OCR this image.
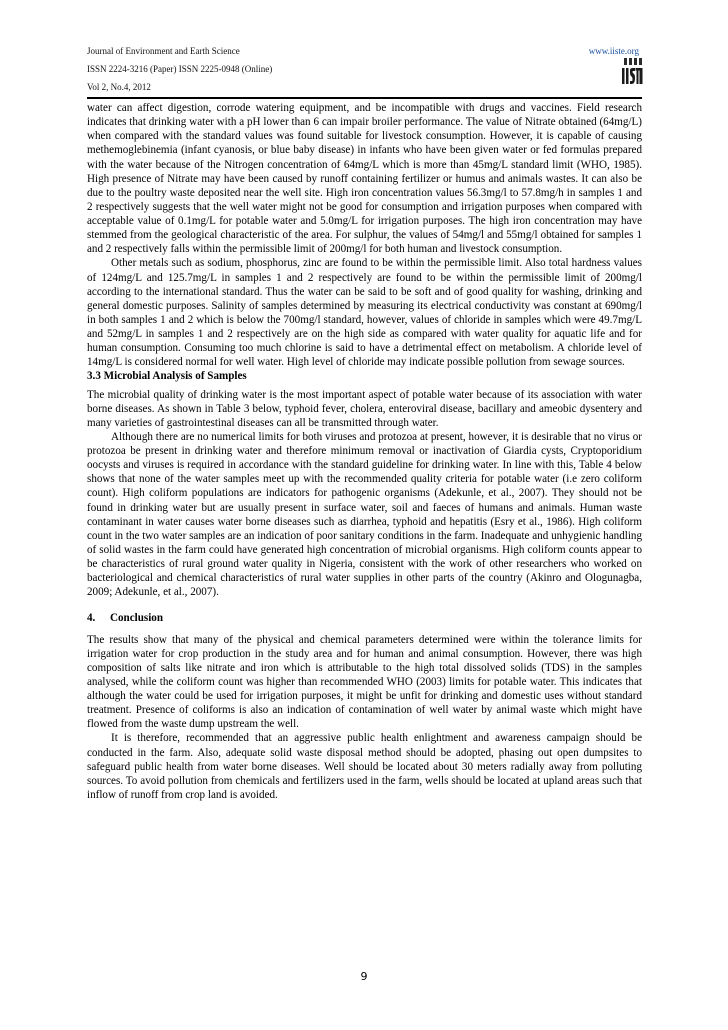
Journal of Environment and Earth Science
ISSN 2224-3216 (Paper) ISSN 2225-0948 (Online)
Vol 2, No.4, 2012
www.iiste.org

water can affect digestion, corrode watering equipment, and be incompatible with drugs and vaccines. Field research indicates that drinking water with a pH lower than 6 can impair broiler performance. The value of Nitrate obtained (64mg/L) when compared with the standard values was found suitable for livestock consumption. However, it is capable of causing methemoglebinemia (infant cyanosis, or blue baby disease) in infants who have been given water or fed formulas prepared with the water because of the Nitrogen concentration of 64mg/L which is more than 45mg/L standard limit (WHO, 1985). High presence of Nitrate may have been caused by runoff containing fertilizer or humus and animals wastes. It can also be due to the poultry waste deposited near the well site. High iron concentration values 56.3mg/l to 57.8mg/h in samples 1 and 2 respectively suggests that the well water might not be good for consumption and irrigation purposes when compared with acceptable value of 0.1mg/L for potable water and 5.0mg/L for irrigation purposes. The high iron concentration may have stemmed from the geological characteristic of the area. For sulphur, the values of 54mg/l and 55mg/l obtained for samples 1 and 2 respectively falls within the permissible limit of 200mg/l for both human and livestock consumption.

Other metals such as sodium, phosphorus, zinc are found to be within the permissible limit. Also total hardness values of 124mg/L and 125.7mg/L in samples 1 and 2 respectively are found to be within the permissible limit of 200mg/l according to the international standard. Thus the water can be said to be soft and of good quality for washing, drinking and general domestic purposes. Salinity of samples determined by measuring its electrical conductivity was constant at 690mg/l in both samples 1 and 2 which is below the 700mg/l standard, however, values of chloride in samples which were 49.7mg/L and 52mg/L in samples 1 and 2 respectively are on the high side as compared with water quality for aquatic life and for human consumption. Consuming too much chlorine is said to have a detrimental effect on metabolism. A chloride level of 14mg/L is considered normal for well water. High level of chloride may indicate possible pollution from sewage sources.

3.3 Microbial Analysis of Samples

The microbial quality of drinking water is the most important aspect of potable water because of its association with water borne diseases. As shown in Table 3 below, typhoid fever, cholera, enteroviral disease, bacillary and ameobic dysentery and many varieties of gastrointestinal diseases can all be transmitted through water.

Although there are no numerical limits for both viruses and protozoa at present, however, it is desirable that no virus or protozoa be present in drinking water and therefore minimum removal or inactivation of Giardia cysts, Cryptoporidium oocysts and viruses is required in accordance with the standard guideline for drinking water. In line with this, Table 4 below shows that none of the water samples meet up with the recommended quality criteria for potable water (i.e zero coliform count). High coliform populations are indicators for pathogenic organisms (Adekunle, et al., 2007). They should not be found in drinking water but are usually present in surface water, soil and faeces of humans and animals. Human waste contaminant in water causes water borne diseases such as diarrhea, typhoid and hepatitis (Esry et al., 1986). High coliform count in the two water samples are an indication of poor sanitary conditions in the farm. Inadequate and unhygienic handling of solid wastes in the farm could have generated high concentration of microbial organisms. High coliform counts appear to be characteristics of rural ground water quality in Nigeria, consistent with the work of other researchers who worked on bacteriological and chemical characteristics of rural water supplies in other parts of the country (Akinro and Ologunagba, 2009; Adekunle, et al., 2007).

4. Conclusion

The results show that many of the physical and chemical parameters determined were within the tolerance limits for irrigation water for crop production in the study area and for human and animal consumption. However, there was high composition of salts like nitrate and iron which is attributable to the high total dissolved solids (TDS) in the samples analysed, while the coliform count was higher than recommended WHO (2003) limits for potable water. This indicates that although the water could be used for irrigation purposes, it might be unfit for drinking and domestic uses without standard treatment. Presence of coliforms is also an indication of contamination of well water by animal waste which might have flowed from the waste dump upstream the well.

It is therefore, recommended that an aggressive public health enlightment and awareness campaign should be conducted in the farm. Also, adequate solid waste disposal method should be adopted, phasing out open dumpsites to safeguard public health from water borne diseases. Well should be located about 30 meters radially away from polluting sources. To avoid pollution from chemicals and fertilizers used in the farm, wells should be located at upland areas such that inflow of runoff from crop land is avoided.

9
